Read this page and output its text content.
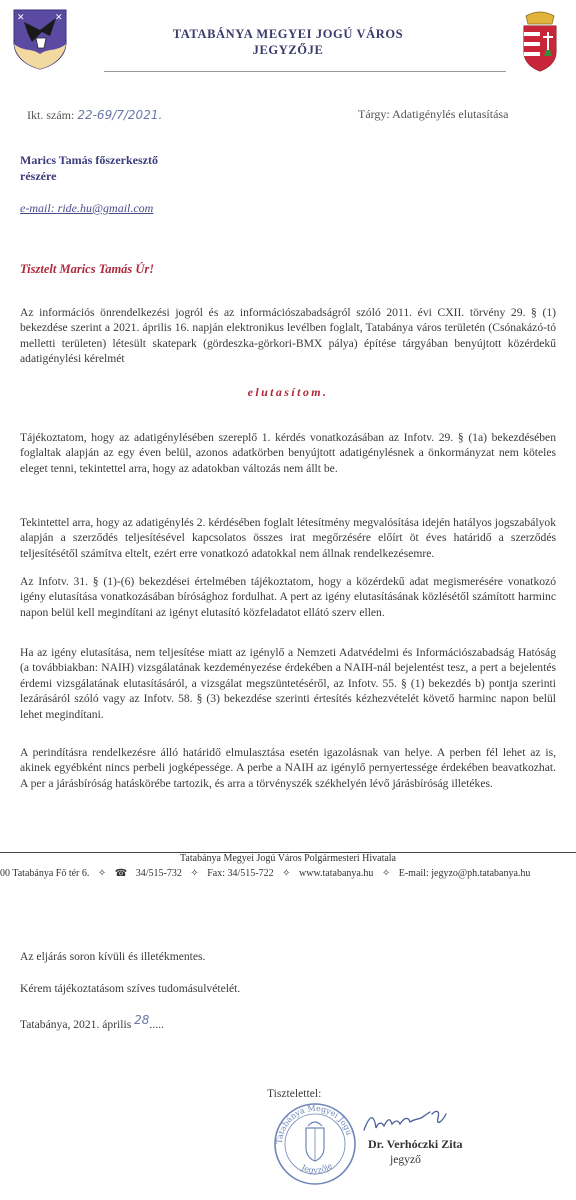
✕	✕
TATABÁNYA MEGYEI JOGÚ VÁROS
JEGYZŐJE
Ikt. szám: 22-69/7/2021.	Tárgy: Adatigénylés elutasítása
Marics Tamás főszerkesztő
részére
e-mail: ride.hu@gmail.com
Tisztelt Marics Tamás Úr!
Az információs önrendelkezési jogról és az információszabadságról szóló 2011. évi CXII. törvény 29. § (1) bekezdése szerint a 2021. április 16. napján elektronikus levélben foglalt, Tatabánya város területén (Csónakázó-tó melletti területen) létesült skatepark (gördeszka-görkori-BMX pálya) építése tárgyában benyújtott közérdekű adatigénylési kérelmét
elutasítom.
Tájékoztatom, hogy az adatigénylésében szereplő 1. kérdés vonatkozásában az Infotv. 29. § (1a) bekezdésében foglaltak alapján az egy éven belül, azonos adatkörben benyújtott adatigénylésnek a önkormányzat nem köteles eleget tenni, tekintettel arra, hogy az adatokban változás nem állt be.
Tekintettel arra, hogy az adatigénylés 2. kérdésében foglalt létesítmény megvalósítása idején hatályos jogszabályok alapján a szerződés teljesítésével kapcsolatos összes irat megőrzésére előírt öt éves határidő a szerződés teljesítésétől számítva eltelt, ezért erre vonatkozó adatokkal nem állnak rendelkezésemre.
Az Infotv. 31. § (1)-(6) bekezdései értelmében tájékoztatom, hogy a közérdekű adat megismerésére vonatkozó igény elutasítása vonatkozásában bírósághoz fordulhat. A pert az igény elutasításának közlésétől számított harminc napon belül kell megindítani az igényt elutasító közfeladatot ellátó szerv ellen.
Ha az igény elutasítása, nem teljesítése miatt az igénylő a Nemzeti Adatvédelmi és Információszabadság Hatóság (a továbbiakban: NAIH) vizsgálatának kezdeményezése érdekében a NAIH-nál bejelentést tesz, a pert a bejelentés érdemi vizsgálatának elutasításáról, a vizsgálat megszüntetéséről, az Infotv. 55. § (1) bekezdés b) pontja szerinti lezárásáról szóló vagy az Infotv. 58. § (3) bekezdése szerinti értesítés kézhezvételét követő harminc napon belül lehet megindítani.
A perindításra rendelkezésre álló határidő elmulasztása esetén igazolásnak van helye. A perben fél lehet az is, akinek egyébként nincs perbeli jogképessége. A perbe a NAIH az igénylő pernyertessége érdekében beavatkozhat. A per a járásbíróság hatáskörébe tartozik, és arra a törvényszék székhelyén lévő járásbíróság illetékes.
Tatabánya Megyei Jogú Város Polgármesteri Hivatala
00 Tatabánya Fő tér 6. ✧ ☎ 34/515-732 ✧ Fax: 34/515-722 ✧ www.tatabanya.hu ✧ E-mail: jegyzo@ph.tatabanya.hu
Az eljárás soron kívüli és illetékmentes.
Kérem tájékoztatásom szíves tudomásulvételét.
Tatabánya, 2021. április 28.....
Tisztelettel:
Tatabánya Megyei Jogú
Jegyzője
Dr. Verhóczki Zita
jegyző
